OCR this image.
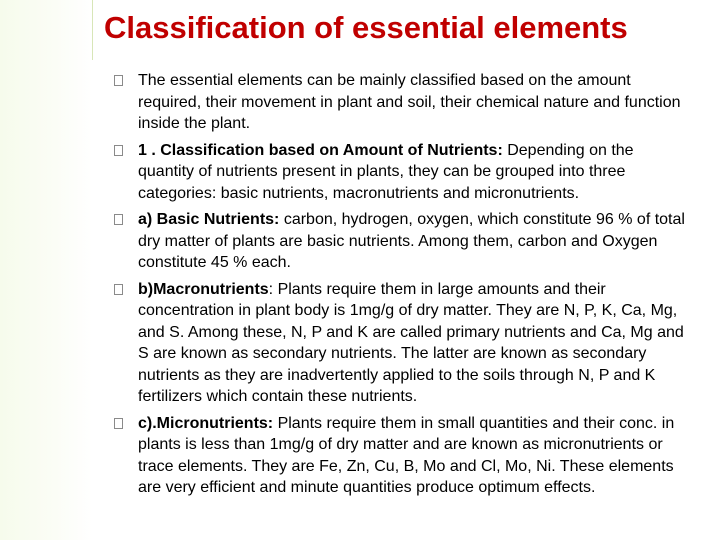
Classification of essential elements

The essential elements can be mainly classified based on the amount required, their movement in plant and soil, their chemical nature and function inside the plant.

1 . Classification based on Amount of Nutrients: Depending on the quantity of nutrients present in plants, they can be grouped into three categories: basic nutrients, macronutrients and micronutrients.

a) Basic Nutrients: carbon, hydrogen, oxygen, which constitute 96 % of total dry matter of plants are basic nutrients. Among them, carbon and Oxygen constitute 45 % each.

b)Macronutrients: Plants require them in large amounts and their concentration in plant body is 1mg/g of dry matter. They are N, P, K, Ca, Mg, and S. Among these, N, P and K are called primary nutrients and Ca, Mg and S are known as secondary nutrients. The latter are known as secondary nutrients as they are inadvertently applied to the soils through N, P and K fertilizers which contain these nutrients.

c).Micronutrients: Plants require them in small quantities and their conc. in plants is less than 1mg/g of dry matter and are known as micronutrients or trace elements. They are Fe, Zn, Cu, B, Mo and Cl, Mo, Ni. These elements are very efficient and minute quantities produce optimum effects.
